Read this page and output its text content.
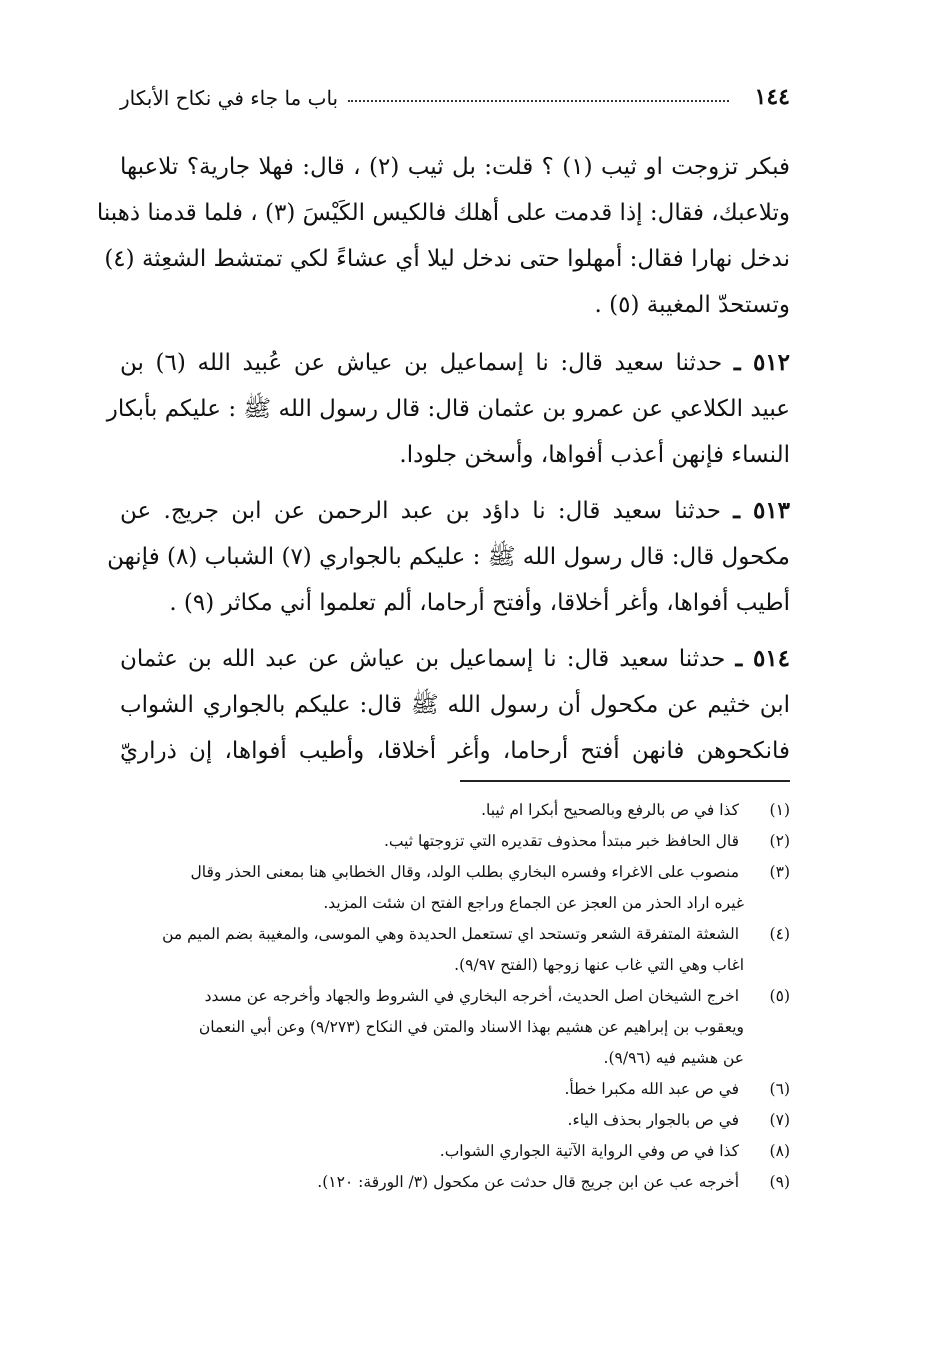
١٤٤
باب ما جاء في نكاح الأبكار
فبكر تزوجت او ثيب (١) ؟ قلت: بل ثيب (٢) ، قال: فهلا جارية؟ تلاعبها
وتلاعبك، فقال: إذا قدمت على أهلك فالكيس الكَيْسَ (٣) ، فلما قدمنا ذهبنا
ندخل نهارا فقال: أمهلوا حتى ندخل ليلا أي عشاءً لكي تمتشط الشعِثة (٤)
وتستحدّ المغيبة (٥) .
٥١٢ ـ حدثنا سعيد قال: نا إسماعيل بن عياش عن عُبيد الله (٦) بن
عبيد الكلاعي عن عمرو بن عثمان قال: قال رسول الله ﷺ : عليكم بأبكار
النساء فإنهن أعذب أفواها، وأسخن جلودا.
٥١٣ ـ حدثنا سعيد قال: نا داؤد بن عبد الرحمن عن ابن جريج. عن
مكحول قال: قال رسول الله ﷺ : عليكم بالجواري (٧) الشباب (٨) فإنهن
أطيب أفواها، وأغر أخلاقا، وأفتح أرحاما، ألم تعلموا أني مكاثر (٩) .
٥١٤ ـ حدثنا سعيد قال: نا إسماعيل بن عياش عن عبد الله بن عثمان
ابن خثيم عن مكحول أن رسول الله ﷺ قال: عليكم بالجواري الشواب
فانكحوهن فانهن أفتح أرحاما، وأغر أخلاقا، وأطيب أفواها، إن ذراريّ
(١) كذا في ص بالرفع وبالصحيح أبكرا ام ثيبا.
(٢) قال الحافظ خبر مبتدأ محذوف تقديره التي تزوجتها ثيب.
(٣) منصوب على الاغراء وفسره البخاري بطلب الولد، وقال الخطابي هنا بمعنى الحذر وقال
غيره اراد الحذر من العجز عن الجماع وراجع الفتح ان شئت المزيد.
(٤) الشعثة المتفرقة الشعر وتستحد اي تستعمل الحديدة وهي الموسى، والمغيبة بضم الميم من
اغاب وهي التي غاب عنها زوجها (الفتح ٩/٩٧).
(٥) اخرج الشيخان اصل الحديث، أخرجه البخاري في الشروط والجهاد وأخرجه عن مسدد
ويعقوب بن إبراهيم عن هشيم بهذا الاسناد والمتن في النكاح (٩/٢٧٣) وعن أبي النعمان
عن هشيم فيه (٩/٩٦).
(٦) في ص عبد الله مكبرا خطأ.
(٧) في ص بالجوار بحذف الياء.
(٨) كذا في ص وفي الرواية الآتية الجواري الشواب.
(٩) أخرجه عب عن ابن جريج قال حدثت عن مكحول (٣/ الورقة: ١٢٠).
